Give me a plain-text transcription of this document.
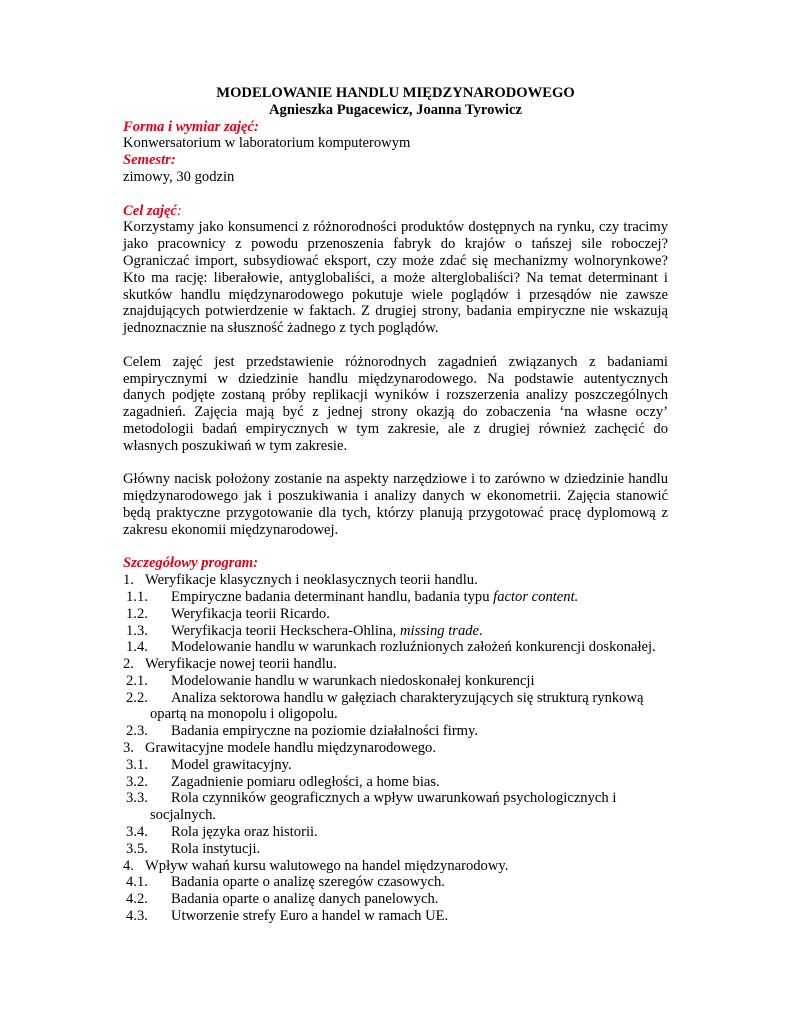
MODELOWANIE HANDLU MIĘDZYNARODOWEGO

Agnieszka Pugacewicz, Joanna Tyrowicz

Forma i wymiar zajęć:

Konwersatorium w laboratorium komputerowym

Semestr:

zimowy, 30 godzin

Cel zajęć:

Korzystamy jako konsumenci z różnorodności produktów dostępnych na rynku, czy tracimy jako pracownicy z powodu przenoszenia fabryk do krajów o tańszej sile roboczej? Ograniczać import, subsydiować eksport, czy może zdać się mechanizmy wolnorynkowe? Kto ma rację: liberałowie, antyglobaliści, a może alterglobaliści? Na temat determinant i skutków handlu międzynarodowego pokutuje wiele poglądów i przesądów nie zawsze znajdujących potwierdzenie w faktach. Z drugiej strony, badania empiryczne nie wskazują jednoznacznie na słuszność żadnego z tych poglądów.

Celem zajęć jest przedstawienie różnorodnych zagadnień związanych z badaniami empirycznymi w dziedzinie handlu międzynarodowego. Na podstawie autentycznych danych podjęte zostaną próby replikacji wyników i rozszerzenia analizy poszczególnych zagadnień. Zajęcia mają być z jednej strony okazją do zobaczenia ‘na własne oczy’ metodologii badań empirycznych w tym zakresie, ale z drugiej również zachęcić do własnych poszukiwań w tym zakresie.

Główny nacisk położony zostanie na aspekty narzędziowe i to zarówno w dziedzinie handlu międzynarodowego jak i poszukiwania i analizy danych w ekonometrii. Zajęcia stanowić będą praktyczne przygotowanie dla tych, którzy planują przygotować pracę dyplomową z zakresu ekonomii międzynarodowej.

Szczegółowy program:

1. Weryfikacje klasycznych i neoklasycznych teorii handlu.
1.1. Empiryczne badania determinant handlu, badania typu factor content.
1.2. Weryfikacja teorii Ricardo.
1.3. Weryfikacja teorii Heckschera-Ohlina, missing trade.
1.4. Modelowanie handlu w warunkach rozluźnionych założeń konkurencji doskonałej.
2. Weryfikacje nowej teorii handlu.
2.1. Modelowanie handlu w warunkach niedoskonałej konkurencji
2.2. Analiza sektorowa handlu w gałęziach charakteryzujących się strukturą rynkową
opartą na monopolu i oligopolu.
2.3. Badania empiryczne na poziomie działalności firmy.
3. Grawitacyjne modele handlu międzynarodowego.
3.1. Model grawitacyjny.
3.2. Zagadnienie pomiaru odległości, a home bias.
3.3. Rola czynników geograficznych a wpływ uwarunkowań psychologicznych i
socjalnych.
3.4. Rola języka oraz historii.
3.5. Rola instytucji.
4. Wpływ wahań kursu walutowego na handel międzynarodowy.
4.1. Badania oparte o analizę szeregów czasowych.
4.2. Badania oparte o analizę danych panelowych.
4.3. Utworzenie strefy Euro a handel w ramach UE.
